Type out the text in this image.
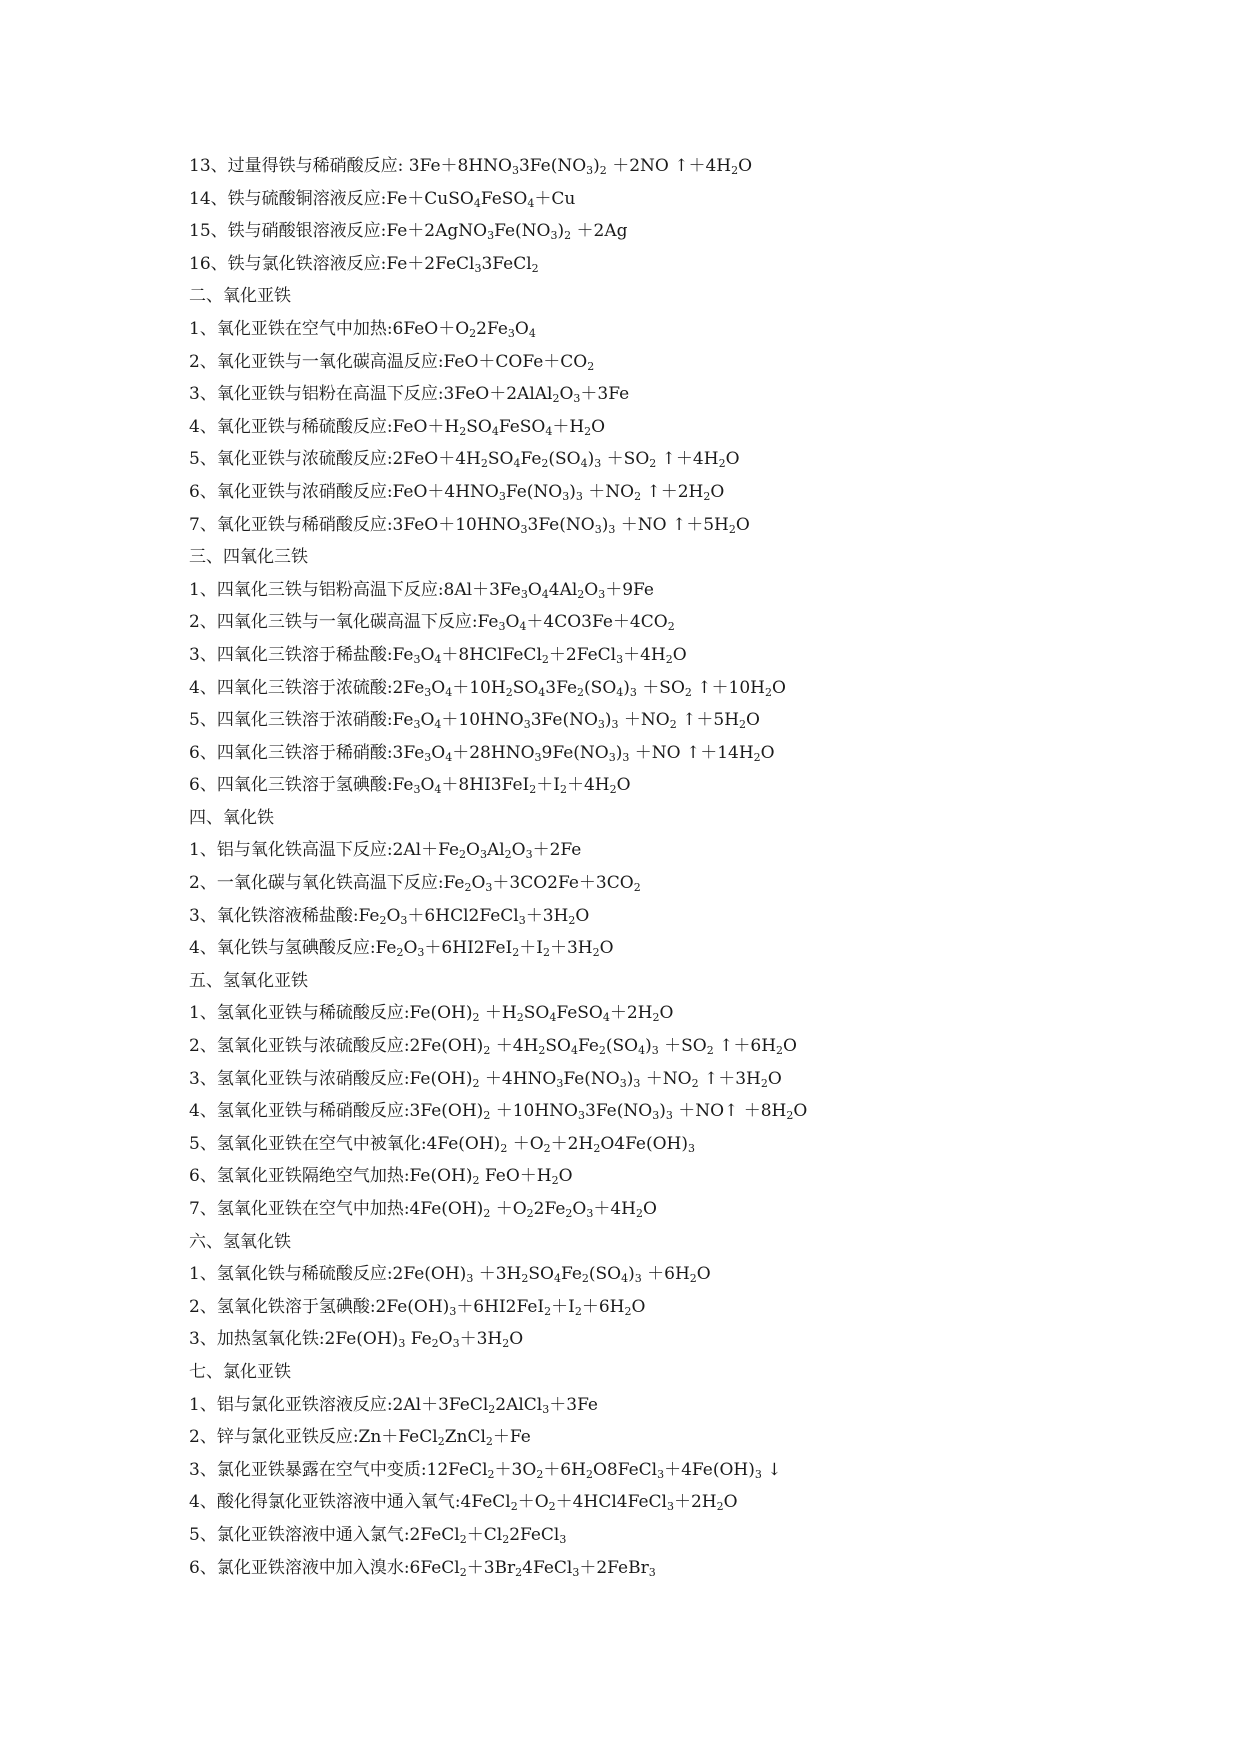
13、过量得铁与稀硝酸反应: $3Fe+8HNO_33Fe(NO_3)_2 +2NO$ $↑+4H_2O$
14、铁与硫酸铜溶液反应:Fe＋CuSO$_4$FeSO$_4$＋Cu
15、铁与硝酸银溶液反应$:Fe+2AgNO_3Fe(NO_3)_2 +2Ag$
16、铁与氯化铁溶液反应:Fe＋2FeCl$_3$3FeCl$_2$
二、氧化亚铁
1、氧化亚铁在空气中加热$:6FeO+O_22Fe_3O_4$
2、氧化亚铁与一氧化碳高温反应$:FeO+COFe+CO_2$
3、氧化亚铁与铝粉在高温下反应$:3FeO+2AlAl_2O_3+3Fe$
4、氧化亚铁与稀硫酸反应$:FeO+H_2SO_4FeSO_4+H_2O$
5、氧化亚铁与浓硫酸反应$:2FeO+4H_2SO_4Fe_2(SO_4)_3 +SO_2$ $↑+4H_2O$
6、氧化亚铁与浓硝酸反应$:FeO+4HNO_3Fe(NO_3)_3 +NO_2$ $↑+2H_2O$
7、氧化亚铁与稀硝酸反应$:3FeO+10HNO_33Fe(NO_3)_3 +NO$ $↑+5H_2O$
三、四氧化三铁
1、四氧化三铁与铝粉高温下反应$:8Al+3Fe_3O_44Al_2O_3+9Fe$
2、四氧化三铁与一氧化碳高温下反应$:Fe_3O_4+4CO3Fe+4CO_2$
3、四氧化三铁溶于稀盐酸$:Fe_3O_4+8HClFeCl_2+2FeCl_3+4H_2O$
4、四氧化三铁溶于浓硫酸$:2Fe_3O_4+10H_2SO_43Fe_2(SO_4)_3 +SO_2$ $↑+10H_2O$
5、四氧化三铁溶于浓硝酸$:Fe_3O_4+10HNO_33Fe(NO_3)_3 +NO_2$ $↑+5H_2O$
6、四氧化三铁溶于稀硝酸$:3Fe_3O_4+28HNO_39Fe(NO_3)_3 +NO$ $↑+14H_2O$
6、四氧化三铁溶于氢碘酸$:Fe_3O_4+8HI3FeI_2+I_2+4H_2O$
四、氧化铁
1、铝与氧化铁高温下反应$:2Al+Fe_2O_3Al_2O_3+2Fe$
2、一氧化碳与氧化铁高温下反应$:Fe_2O_3+3CO2Fe+3CO_2$
3、氧化铁溶液稀盐酸$:Fe_2O_3+6HCl2FeCl_3+3H_2O$
4、氧化铁与氢碘酸反应$:Fe_2O_3+6HI2FeI_2+I_2+3H_2O$
五、氢氧化亚铁
1、氢氧化亚铁与稀硫酸反应$:Fe(OH)_2$ $+H_2SO_4FeSO_4+2H_2O$
2、氢氧化亚铁与浓硫酸反应$:2Fe(OH)_2 +4H_2SO_4Fe_2(SO_4)_3 +SO_2$ $↑+6H_2O$
3、氢氧化亚铁与浓硝酸反应$:Fe(OH)_2 +4HNO_3Fe(NO_3)_3 +NO_2$ $↑+3H_2O$
4、氢氧化亚铁与稀硝酸反应$:3Fe(OH)_2 +10HNO_33Fe(NO_3)_3$ ＋NO↑ $+8H_2O$
5、氢氧化亚铁在空气中被氧化$:4Fe(OH)_2 +O_2+2H_2O4Fe(OH)_3$
6、氢氧化亚铁隔绝空气加热$:Fe(OH)_2$ $FeO+H_2O$
7、氢氧化亚铁在空气中加热$:4Fe(OH)_2 +O_22Fe_2O_3+4H_2O$
六、氢氧化铁
1、氢氧化铁与稀硫酸反应$:2Fe(OH)_3 +3H_2SO_4Fe_2(SO_4)_3 +6H_2O$
2、氢氧化铁溶于氢碘酸$:2Fe(OH)_3+6HI2FeI_2+I_2+6H_2O$
3、加热氢氧化铁$:2Fe(OH)_3$ $Fe_2O_3+3H_2O$
七、氯化亚铁
1、铝与氯化亚铁溶液反应:2Al＋3FeCl$_2$2AlCl$_3$＋3Fe
2、锌与氯化亚铁反应:Zn＋FeCl$_2$ZnCl$_2$＋Fe
3、氯化亚铁暴露在空气中变质$:12FeCl_2+3O_2+6H_2O8FeCl_3+4Fe(OH)_3$ ↓
4、酸化得氯化亚铁溶液中通入氧气$:4FeCl_2+O_2+4HCl4FeCl_3+2H_2O$
5、氯化亚铁溶液中通入氯气$:2FeCl_2+Cl_22FeCl_3$
6、氯化亚铁溶液中加入溴水$:6FeCl_2+3Br_24FeCl_3+2FeBr_3$
